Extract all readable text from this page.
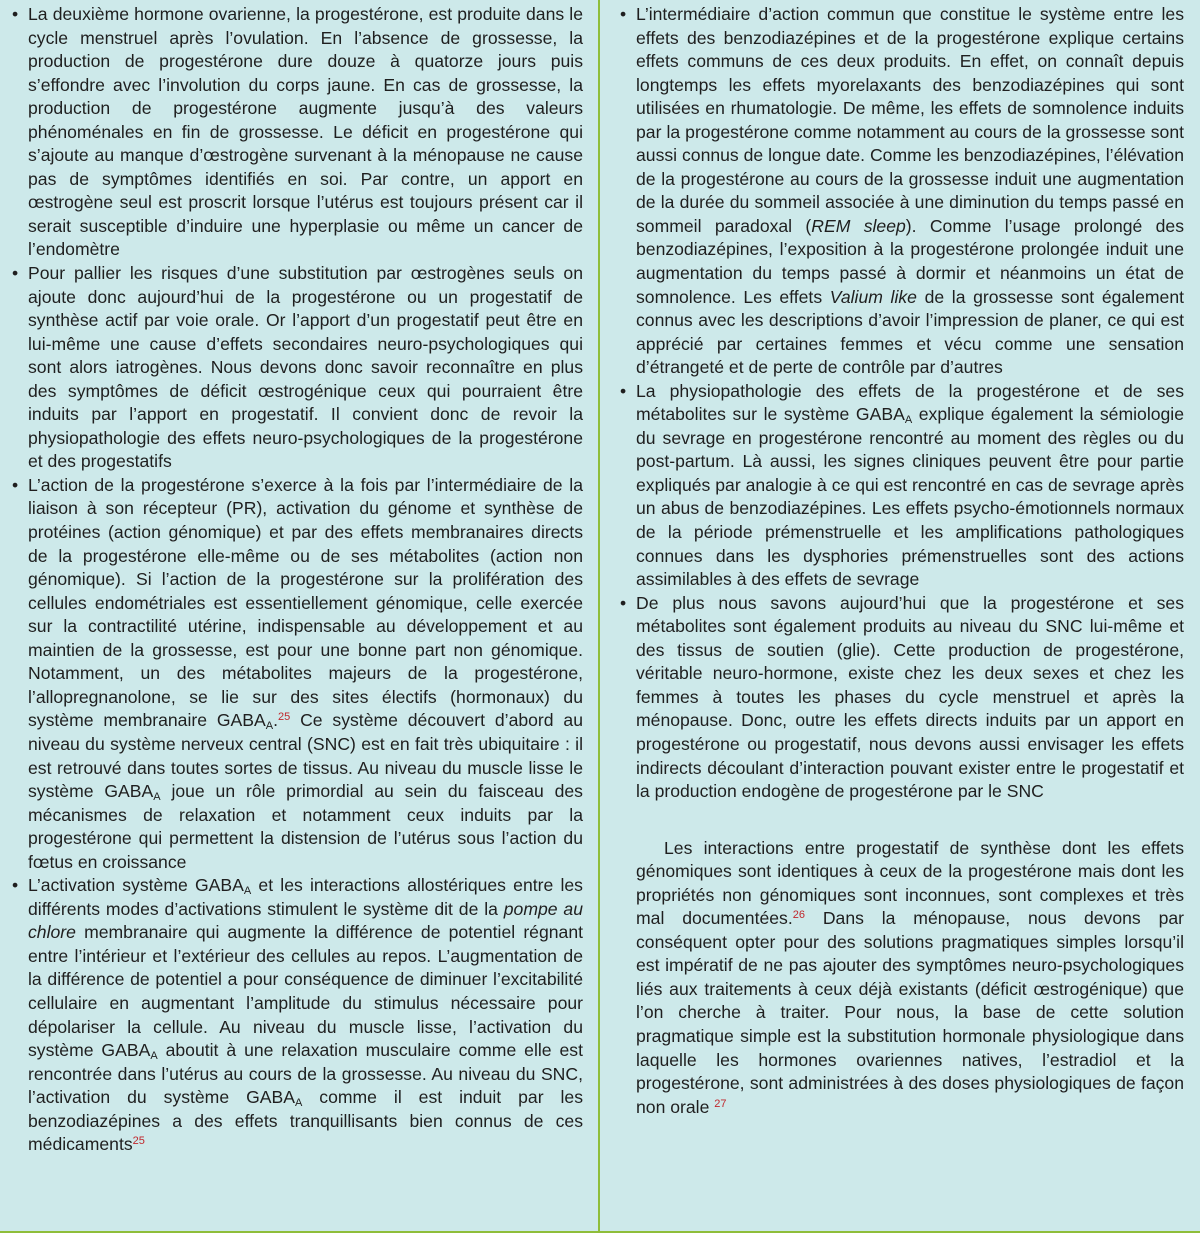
• La deuxième hormone ovarienne, la progestérone, est produite dans le cycle menstruel après l’ovulation. En l’absence de grossesse, la production de progestérone dure douze à quatorze jours puis s’effondre avec l’involution du corps jaune. En cas de grossesse, la production de progestérone augmente jusqu’à des valeurs phénoménales en fin de grossesse. Le déficit en progestérone qui s’ajoute au manque d’œstrogène survenant à la ménopause ne cause pas de symptômes identifiés en soi. Par contre, un apport en œstrogène seul est proscrit lorsque l’utérus est toujours présent car il serait susceptible d’induire une hyperplasie ou même un cancer de l’endomètre
• Pour pallier les risques d’une substitution par œstrogènes seuls on ajoute donc aujourd’hui de la progestérone ou un progestatif de synthèse actif par voie orale. Or l’apport d’un progestatif peut être en lui-même une cause d’effets secondaires neuro-psychologiques qui sont alors iatrogènes. Nous devons donc savoir reconnaître en plus des symptômes de déficit œstrogénique ceux qui pourraient être induits par l’apport en progestatif. Il convient donc de revoir la physiopathologie des effets neuro-psychologiques de la progestérone et des progestatifs
• L’action de la progestérone s’exerce à la fois par l’intermédiaire de la liaison à son récepteur (PR), activation du génome et synthèse de protéines (action génomique) et par des effets membranaires directs de la progestérone elle-même ou de ses métabolites (action non génomique). Si l’action de la progestérone sur la prolifération des cellules endométriales est essentiellement génomique, celle exercée sur la contractilité utérine, indispensable au développement et au maintien de la grossesse, est pour une bonne part non génomique. Notamment, un des métabolites majeurs de la progestérone, l’allopregnanolone, se lie sur des sites électifs (hormonaux) du système membranaire $GABA_A.^{25}$ Ce système découvert d’abord au niveau du système nerveux central (SNC) est en fait très ubiquitaire : il est retrouvé dans toutes sortes de tissus. Au niveau du muscle lisse le système $GABA_A$ joue un rôle primordial au sein du faisceau des mécanismes de relaxation et notamment ceux induits par la progestérone qui permettent la distension de l’utérus sous l’action du fœtus en croissance
• L’activation système $GABA_A$ et les interactions allostériques entre les différents modes d’activations stimulent le système dit de la pompe au chlore membranaire qui augmente la différence de potentiel régnant entre l’intérieur et l’extérieur des cellules au repos. L’augmentation de la différence de potentiel a pour conséquence de diminuer l’excitabilité cellulaire en augmentant l’amplitude du stimulus nécessaire pour dépolariser la cellule. Au niveau du muscle lisse, l’activation du système $GABA_A$ aboutit à une relaxation musculaire comme elle est rencontrée dans l’utérus au cours de la grossesse. Au niveau du SNC, l’activation du système $GABA_A$ comme il est induit par les benzodiazépines a des effets tranquillisants bien connus de ces médicaments$^{25}$
• L’intermédiaire d’action commun que constitue le système entre les effets des benzodiazépines et de la progestérone explique certains effets communs de ces deux produits. En effet, on connaît depuis longtemps les effets myorelaxants des benzodiazépines qui sont utilisées en rhumatologie. De même, les effets de somnolence induits par la progestérone comme notamment au cours de la grossesse sont aussi connus de longue date. Comme les benzodiazépines, l’élévation de la progestérone au cours de la grossesse induit une augmentation de la durée du sommeil associée à une diminution du temps passé en sommeil paradoxal (REM sleep). Comme l’usage prolongé des benzodiazépines, l’exposition à la progestérone prolongée induit une augmentation du temps passé à dormir et néanmoins un état de somnolence. Les effets Valium like de la grossesse sont également connus avec les descriptions d’avoir l’impression de planer, ce qui est apprécié par certaines femmes et vécu comme une sensation d’étrangeté et de perte de contrôle par d’autres
• La physiopathologie des effets de la progestérone et de ses métabolites sur le système $GABA_A$ explique également la sémiologie du sevrage en progestérone rencontré au moment des règles ou du post-partum. Là aussi, les signes cliniques peuvent être pour partie expliqués par analogie à ce qui est rencontré en cas de sevrage après un abus de benzodiazépines. Les effets psycho-émotionnels normaux de la période prémenstruelle et les amplifications pathologiques connues dans les dysphories prémenstruelles sont des actions assimilables à des effets de sevrage
• De plus nous savons aujourd’hui que la progestérone et ses métabolites sont également produits au niveau du SNC lui-même et des tissus de soutien (glie). Cette production de progestérone, véritable neuro-hormone, existe chez les deux sexes et chez les femmes à toutes les phases du cycle menstruel et après la ménopause. Donc, outre les effets directs induits par un apport en progestérone ou progestatif, nous devons aussi envisager les effets indirects découlant d’interaction pouvant exister entre le progestatif et la production endogène de progestérone par le SNC

Les interactions entre progestatif de synthèse dont les effets génomiques sont identiques à ceux de la progestérone mais dont les propriétés non génomiques sont inconnues, sont complexes et très mal documentées.$^{26}$ Dans la ménopause, nous devons par conséquent opter pour des solutions pragmatiques simples lorsqu’il est impératif de ne pas ajouter des symptômes neuro-psychologiques liés aux traitements à ceux déjà existants (déficit œstrogénique) que l’on cherche à traiter. Pour nous, la base de cette solution pragmatique simple est la substitution hormonale physiologique dans laquelle les hormones ovariennes natives, l’estradiol et la progestérone, sont administrées à des doses physiologiques de façon non orale $^{27}$
